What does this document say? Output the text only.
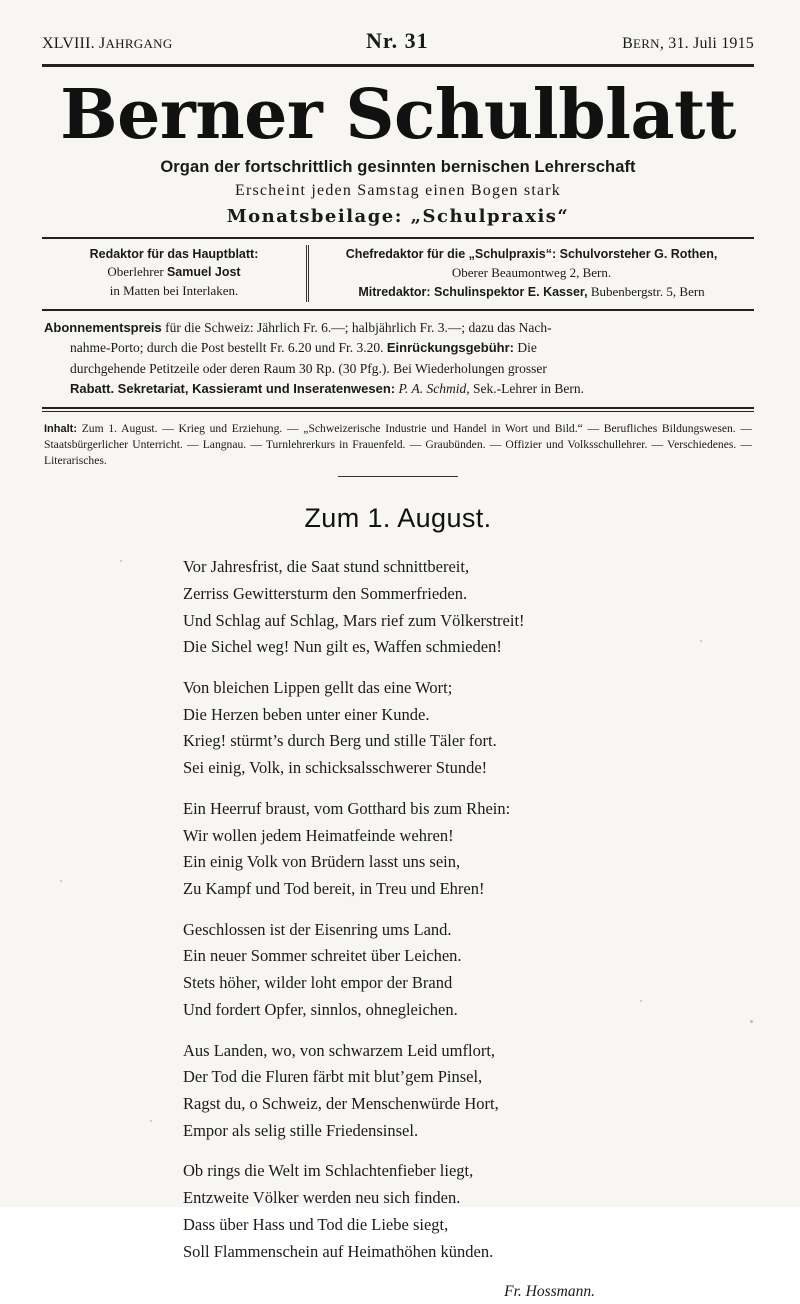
XLVIII. JAHRGANG	Nr. 31	BERN, 31. Juli 1915
Berner Schulblatt
Organ der fortschrittlich gesinnten bernischen Lehrerschaft
Erscheint jeden Samstag einen Bogen stark
Monatsbeilage: „Schulpraxis“
Redaktor für das Hauptblatt:
Oberlehrer Samuel Jost
in Matten bei Interlaken.
Chefredaktor für die „Schulpraxis“: Schulvorsteher G. Rothen,
Oberer Beaumontweg 2, Bern.
Mitredaktor: Schulinspektor E. Kasser, Bubenbergstr. 5, Bern

Abonnementspreis für die Schweiz: Jährlich Fr. 6.—; halbjährlich Fr. 3.—; dazu das Nach-

nahme-Porto; durch die Post bestellt Fr. 6.20 und Fr. 3.20. Einrückungsgebühr: Die

durchgehende Petitzeile oder deren Raum 30 Rp. (30 Pfg.). Bei Wiederholungen grosser

Rabatt. Sekretariat, Kassieramt und Inseratenwesen: P. A. Schmid, Sek.-Lehrer in Bern.

Inhalt: Zum 1. August. — Krieg und Erziehung. — „Schweizerische Industrie und Handel in Wort und Bild.“ — Berufliches Bildungswesen. — Staatsbürgerlicher Unterricht. — Langnau. — Turnlehrerkurs in Frauenfeld. — Graubünden. — Offizier und Volksschullehrer. — Verschiedenes. — Literarisches.
Zum 1. August.
Vor Jahresfrist, die Saat stund schnittbereit,
Zerriss Gewittersturm den Sommerfrieden.
Und Schlag auf Schlag, Mars rief zum Völkerstreit!
Die Sichel weg! Nun gilt es, Waffen schmieden!
Von bleichen Lippen gellt das eine Wort;
Die Herzen beben unter einer Kunde.
Krieg! stürmt’s durch Berg und stille Täler fort.
Sei einig, Volk, in schicksalsschwerer Stunde!
Ein Heerruf braust, vom Gotthard bis zum Rhein:
Wir wollen jedem Heimatfeinde wehren!
Ein einig Volk von Brüdern lasst uns sein,
Zu Kampf und Tod bereit, in Treu und Ehren!
Geschlossen ist der Eisenring ums Land.
Ein neuer Sommer schreitet über Leichen.
Stets höher, wilder loht empor der Brand
Und fordert Opfer, sinnlos, ohnegleichen.
Aus Landen, wo, von schwarzem Leid umflort,
Der Tod die Fluren färbt mit blut’gem Pinsel,
Ragst du, o Schweiz, der Menschenwürde Hort,
Empor als selig stille Friedensinsel.
Ob rings die Welt im Schlachtenfieber liegt,
Entzweite Völker werden neu sich finden.
Dass über Hass und Tod die Liebe siegt,
Soll Flammenschein auf Heimathöhen künden.
Fr. Hossmann.
